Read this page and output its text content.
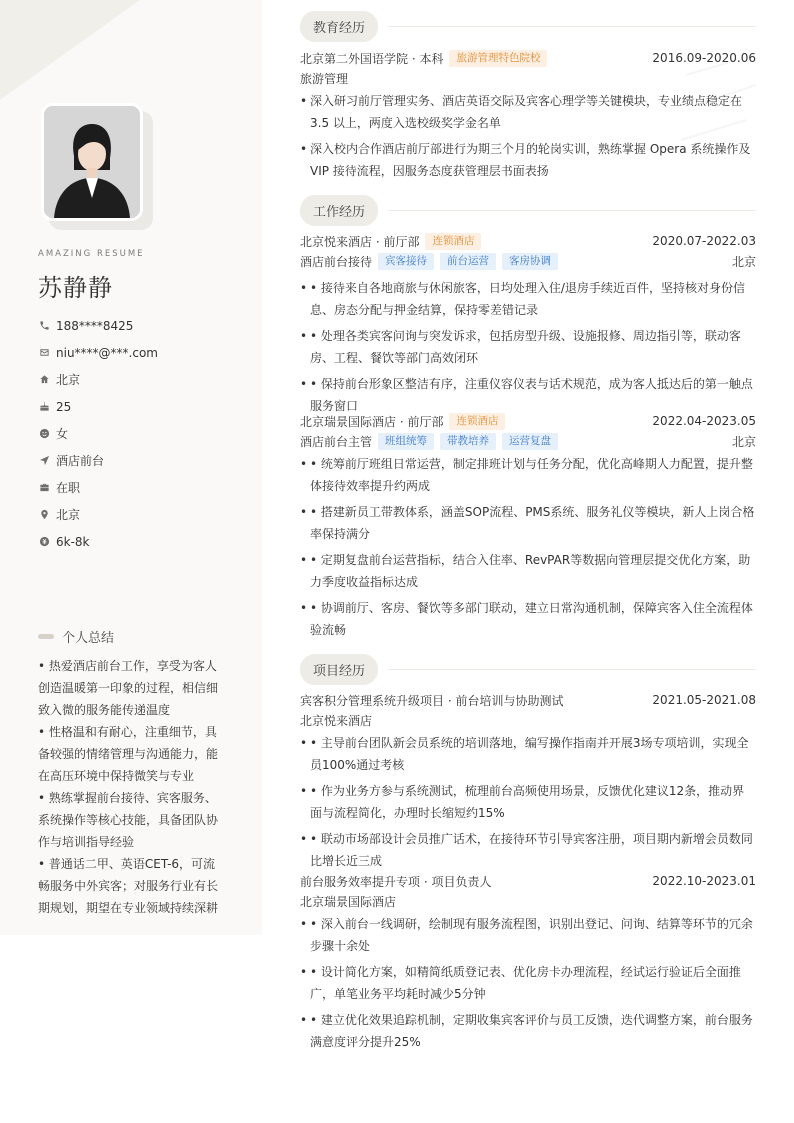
AMAZING RESUME
苏静静
188****8425
niu****@***.com
北京
25
女
酒店前台
在职
北京
6k-8k
个人总结

• 热爱酒店前台工作，享受为客人创造温暖第一印象的过程，相信细致入微的服务能传递温度

• 性格温和有耐心，注重细节，具备较强的情绪管理与沟通能力，能在高压环境中保持微笑与专业

• 熟练掌握前台接待、宾客服务、系统操作等核心技能，具备团队协作与培训指导经验

• 普通话二甲、英语CET-6，可流畅服务中外宾客；对服务行业有长期规划，期望在专业领域持续深耕

教育经历
北京第二外国语学院 · 本科	旅游管理特色院校	2016.09-2020.06
旅游管理
• 深入研习前厅管理实务、酒店英语交际及宾客心理学等关键模块，专业绩点稳定在 3.5 以上，两度入选校级奖学金名单
• 深入校内合作酒店前厅部进行为期三个月的轮岗实训，熟练掌握 Opera 系统操作及 VIP 接待流程，因服务态度获管理层书面表扬
工作经历
北京悦来酒店 · 前厅部	连锁酒店	2020.07-2022.03
酒店前台接待	宾客接待	前台运营	客房协调	北京
• • 接待来自各地商旅与休闲旅客，日均处理入住/退房手续近百件，坚持核对身份信息、房态分配与押金结算，保持零差错记录
• • 处理各类宾客问询与突发诉求，包括房型升级、设施报修、周边指引等，联动客房、工程、餐饮等部门高效闭环
• • 保持前台形象区整洁有序，注重仪容仪表与话术规范，成为客人抵达后的第一触点服务窗口
北京瑞景国际酒店 · 前厅部	连锁酒店	2022.04-2023.05
酒店前台主管	班组统筹	带教培养	运营复盘	北京
• • 统筹前厅班组日常运营，制定排班计划与任务分配，优化高峰期人力配置，提升整体接待效率提升约两成
• • 搭建新员工带教体系，涵盖SOP流程、PMS系统、服务礼仪等模块，新人上岗合格率保持满分
• • 定期复盘前台运营指标，结合入住率、RevPAR等数据向管理层提交优化方案，助力季度收益指标达成
• • 协调前厅、客房、餐饮等多部门联动，建立日常沟通机制，保障宾客入住全流程体验流畅
项目经历
宾客积分管理系统升级项目 · 前台培训与协助测试	2021.05-2021.08
北京悦来酒店
• • 主导前台团队新会员系统的培训落地，编写操作指南并开展3场专项培训，实现全员100%通过考核
• • 作为业务方参与系统测试，梳理前台高频使用场景，反馈优化建议12条，推动界面与流程简化，办理时长缩短约15%
• • 联动市场部设计会员推广话术，在接待环节引导宾客注册，项目期内新增会员数同比增长近三成
前台服务效率提升专项 · 项目负责人	2022.10-2023.01
北京瑞景国际酒店
• • 深入前台一线调研，绘制现有服务流程图，识别出登记、问询、结算等环节的冗余步骤十余处
• • 设计简化方案，如精简纸质登记表、优化房卡办理流程，经试运行验证后全面推广，单笔业务平均耗时减少5分钟
• • 建立优化效果追踪机制，定期收集宾客评价与员工反馈，迭代调整方案，前台服务满意度评分提升25%
